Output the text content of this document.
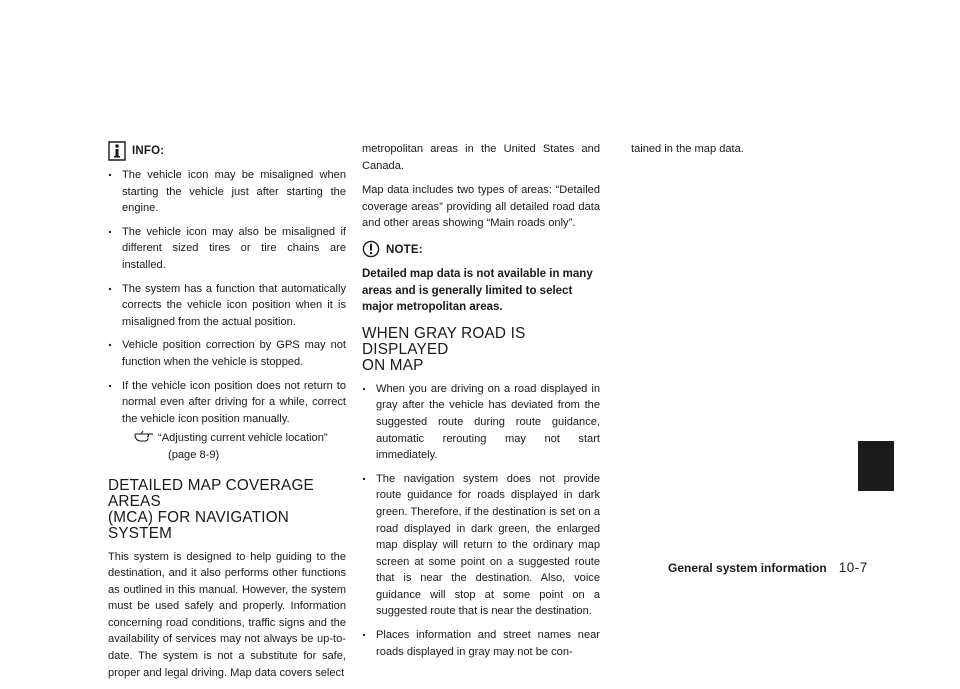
INFO:
. The vehicle icon may be misaligned when starting the vehicle just after starting the engine.
. The vehicle icon may also be misaligned if different sized tires or tire chains are installed.
. The system has a function that automatically corrects the vehicle icon position when it is misaligned from the actual position.
. Vehicle position correction by GPS may not function when the vehicle is stopped.
. If the vehicle icon position does not return to normal even after driving for a while, correct the vehicle icon position manually.
“Adjusting current vehicle location”
(page 8-9)
DETAILED MAP COVERAGE AREAS
(MCA) FOR NAVIGATION SYSTEM

This system is designed to help guiding to the destination, and it also performs other functions as outlined in this manual. However, the system must be used safely and properly. Information concerning road conditions, traffic signs and the availability of services may not always be up-to-date. The system is not a substitute for safe, proper and legal driving. Map data covers select

metropolitan areas in the United States and Canada.

Map data includes two types of areas: “Detailed coverage areas” providing all detailed road data and other areas showing “Main roads only”.

NOTE:

Detailed map data is not available in many areas and is generally limited to select major metropolitan areas.

WHEN GRAY ROAD IS DISPLAYED
ON MAP
. When you are driving on a road displayed in gray after the vehicle has deviated from the suggested route during route guidance, automatic rerouting may not start immediately.
. The navigation system does not provide route guidance for roads displayed in dark green. Therefore, if the destination is set on a road displayed in dark green, the enlarged map display will return to the ordinary map screen at some point on a suggested route that is near the destination. Also, voice guidance will stop at some point on a suggested route that is near the destination.
. Places information and street names near roads displayed in gray may not be con-

tained in the map data.

General system information 10-7
